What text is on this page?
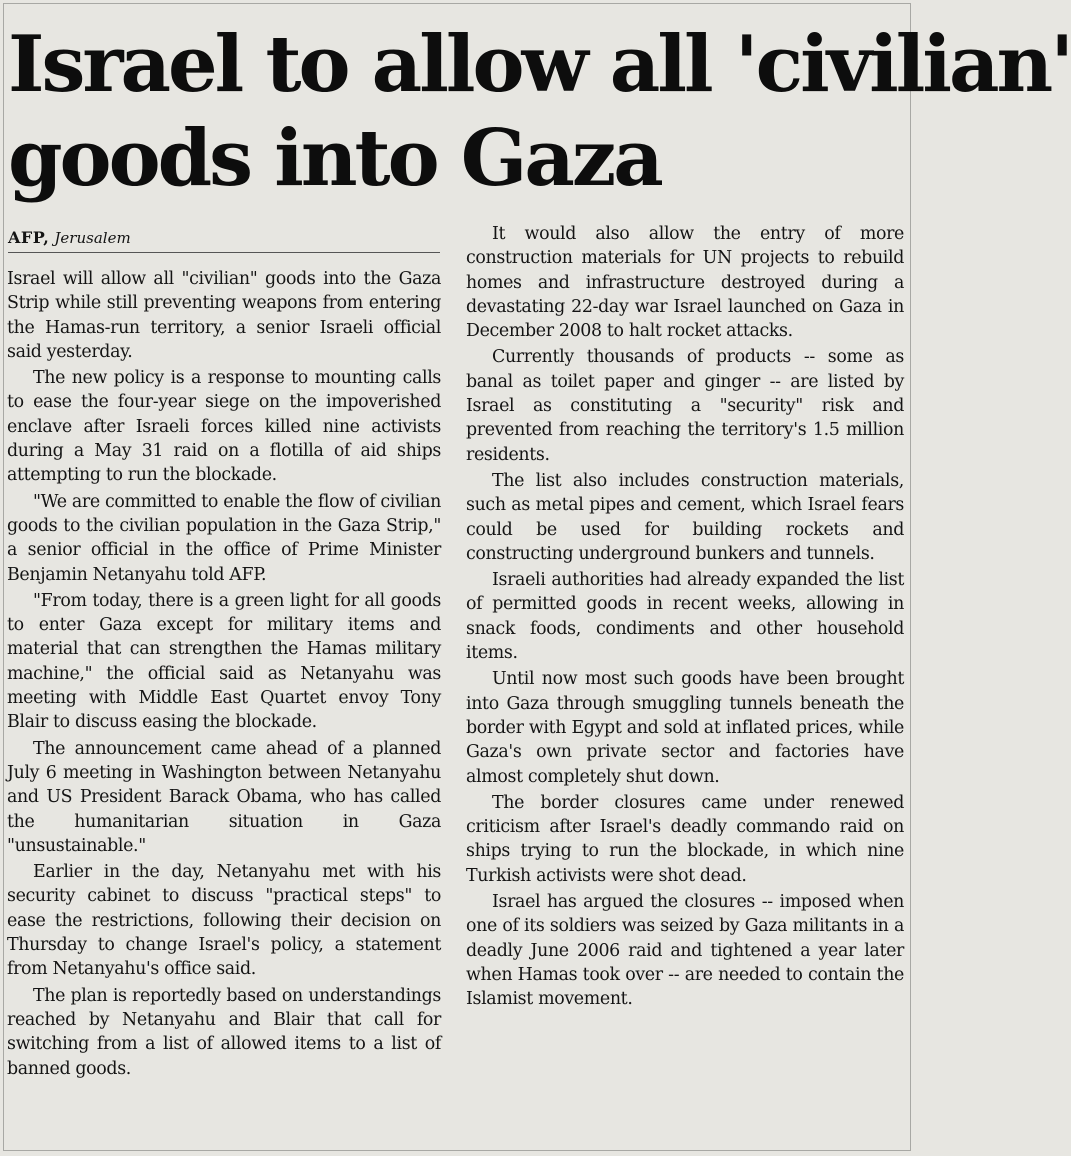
Israel to allow all 'civilian'
goods into Gaza
AFP, Jerusalem

Israel will allow all "civilian" goods into the Gaza Strip while still preventing weapons from entering the Hamas-run territory, a senior Israeli official said yesterday.

The new policy is a response to mounting calls to ease the four-year siege on the impoverished enclave after Israeli forces killed nine activists during a May 31 raid on a flotilla of aid ships attempting to run the blockade.

"We are committed to enable the flow of civilian goods to the civilian population in the Gaza Strip," a senior official in the office of Prime Minister Benjamin Netanyahu told AFP.

"From today, there is a green light for all goods to enter Gaza except for military items and material that can strengthen the Hamas military machine," the official said as Netanyahu was meeting with Middle East Quartet envoy Tony Blair to discuss easing the blockade.

The announcement came ahead of a planned July 6 meeting in Washington between Netanyahu and US President Barack Obama, who has called the humanitarian situation in Gaza "unsustainable."

Earlier in the day, Netanyahu met with his security cabinet to discuss "practical steps" to ease the restrictions, following their decision on Thursday to change Israel's policy, a statement from Netanyahu's office said.

The plan is reportedly based on understandings reached by Netanyahu and Blair that call for switching from a list of allowed items to a list of banned goods.

It would also allow the entry of more construction materials for UN projects to rebuild homes and infrastructure destroyed during a devastating 22-day war Israel launched on Gaza in December 2008 to halt rocket attacks.

Currently thousands of products -- some as banal as toilet paper and ginger -- are listed by Israel as constituting a "security" risk and prevented from reaching the territory's 1.5 million residents.

The list also includes construction materials, such as metal pipes and cement, which Israel fears could be used for building rockets and constructing underground bunkers and tunnels.

Israeli authorities had already expanded the list of permitted goods in recent weeks, allowing in snack foods, condiments and other household items.

Until now most such goods have been brought into Gaza through smuggling tunnels beneath the border with Egypt and sold at inflated prices, while Gaza's own private sector and factories have almost completely shut down.

The border closures came under renewed criticism after Israel's deadly commando raid on ships trying to run the blockade, in which nine Turkish activists were shot dead.

Israel has argued the closures -- imposed when one of its soldiers was seized by Gaza militants in a deadly June 2006 raid and tightened a year later when Hamas took over -- are needed to contain the Islamist movement.
